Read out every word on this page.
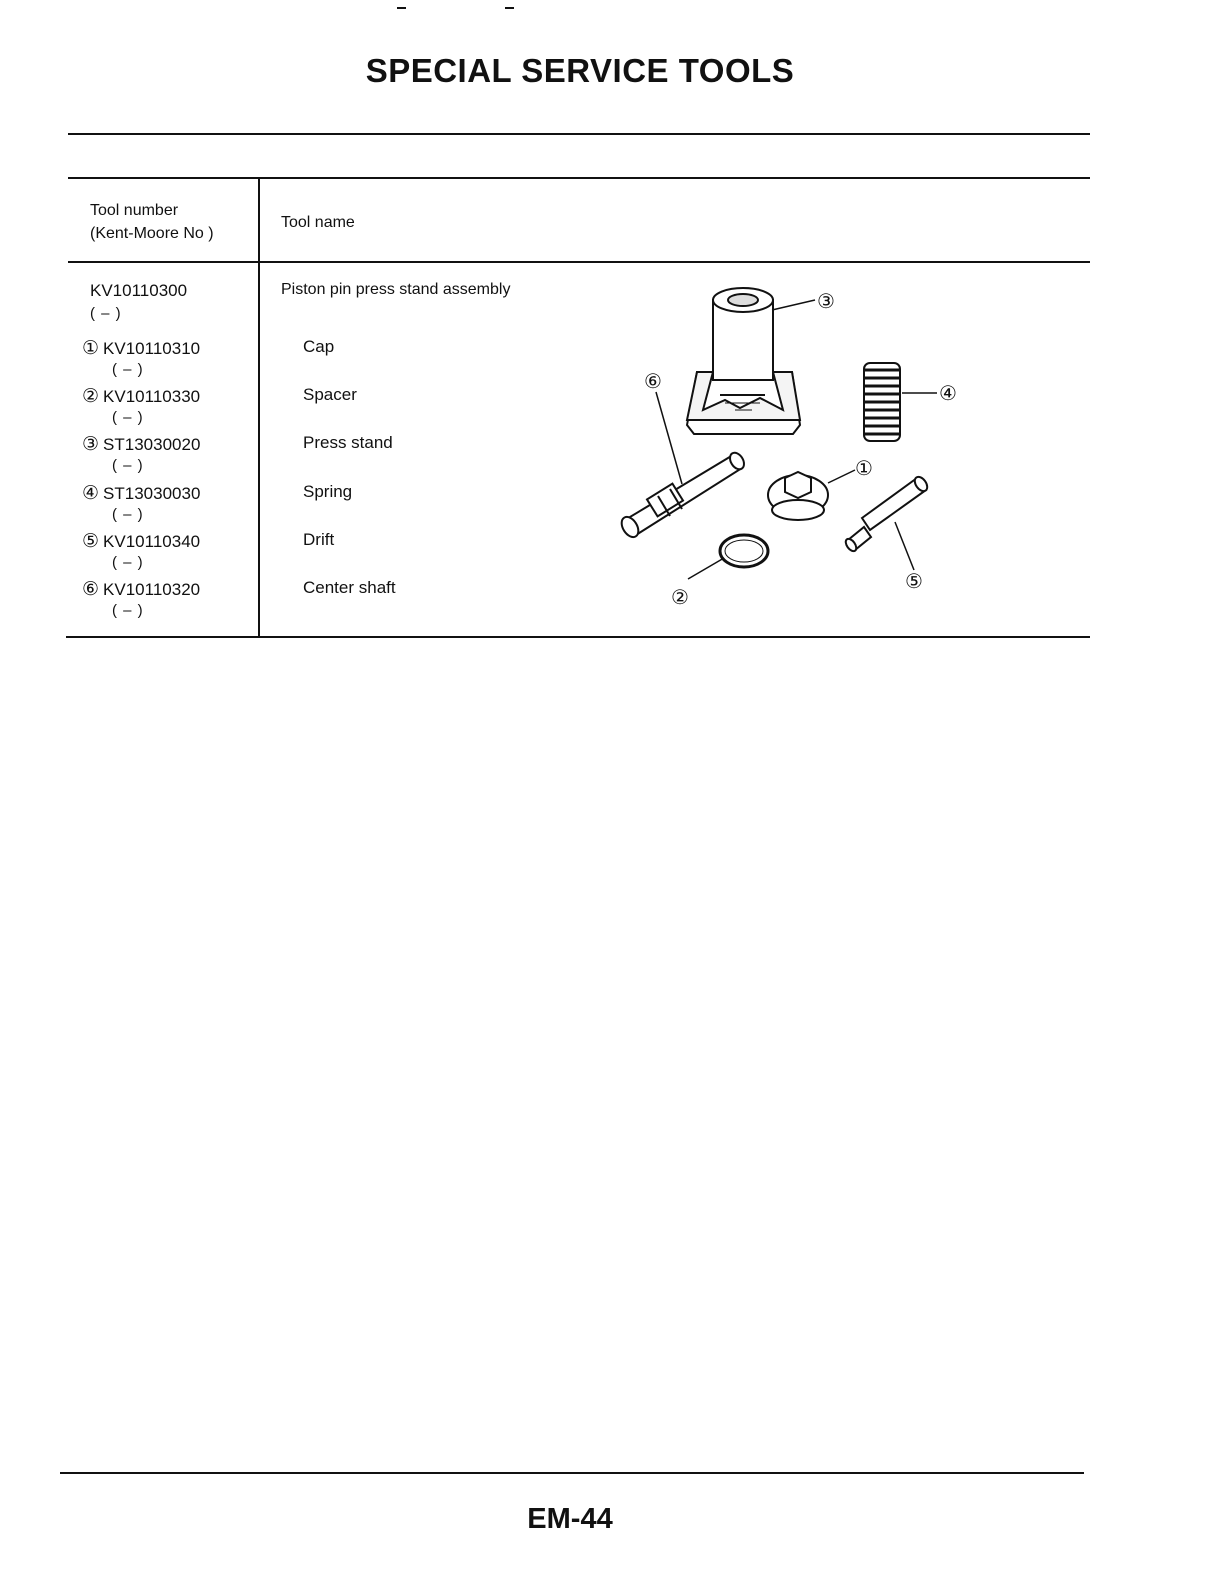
SPECIAL SERVICE TOOLS
Tool number
(Kent-Moore No )
Tool name
KV10110300
( – )
Piston pin press stand assembly
① KV10110310
( – )
Cap
② KV10110330
( – )
Spacer
③ ST13030020
( – )
Press stand
④ ST13030030
( – )
Spring
⑤ KV10110340
( – )
Drift
⑥ KV10110320
( – )
Center shaft
③
④
①
②
⑤
⑥
EM-44
